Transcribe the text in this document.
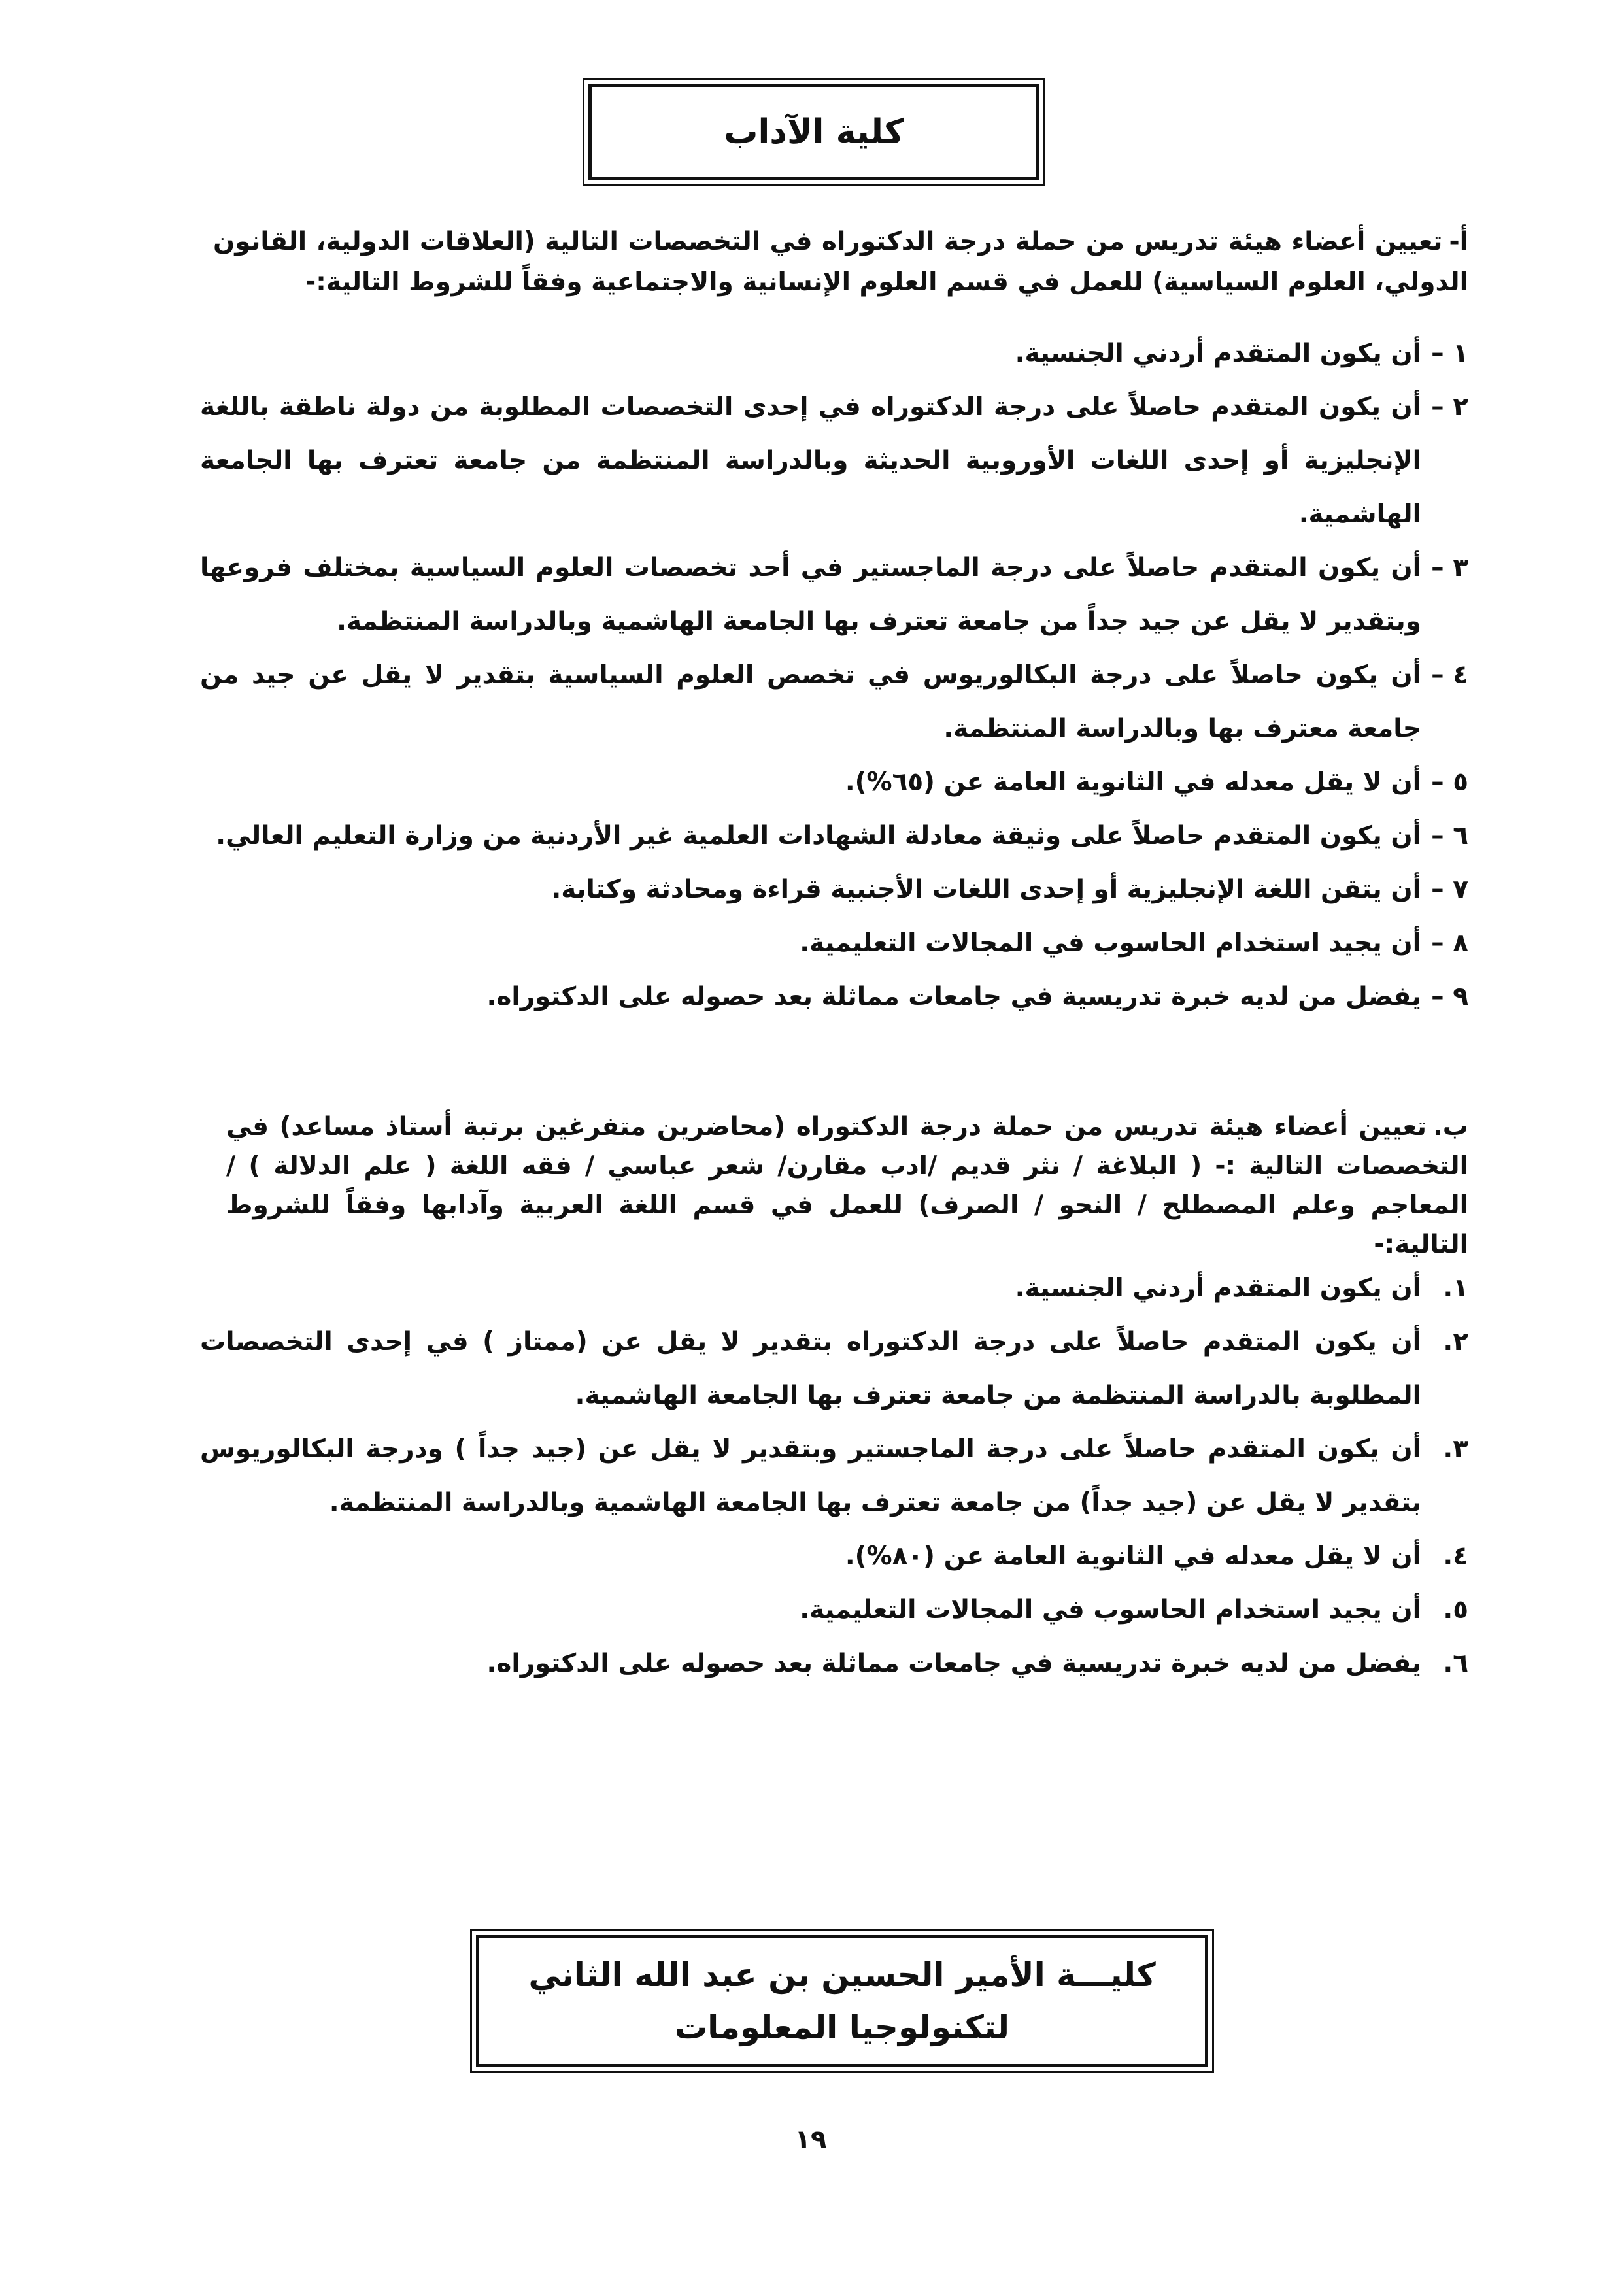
كلية الآداب

أ-تعيين أعضاء هيئة تدريس من حملة درجة الدكتوراه في التخصصات التالية (العلاقات الدولية، القانون الدولي، العلوم السياسية) للعمل في قسم العلوم الإنسانية والاجتماعية وفقاً للشروط التالية:-

١ –
أن يكون المتقدم أردني الجنسية.
٢ –
أن يكون المتقدم حاصلاً على درجة الدكتوراه في إحدى التخصصات المطلوبة من دولة ناطقة باللغة الإنجليزية أو إحدى اللغات الأوروبية الحديثة وبالدراسة المنتظمة من جامعة تعترف بها الجامعة الهاشمية.
٣ –
أن يكون المتقدم حاصلاً على درجة الماجستير في أحد تخصصات العلوم السياسية بمختلف فروعها وبتقدير لا يقل عن جيد جداً من جامعة تعترف بها الجامعة الهاشمية وبالدراسة المنتظمة.
٤ –
أن يكون حاصلاً على درجة البكالوريوس في تخصص العلوم السياسية بتقدير لا يقل عن جيد من جامعة معترف بها وبالدراسة المنتظمة.
٥ –
أن لا يقل معدله في الثانوية العامة عن (٦٥%).
٦ –
أن يكون المتقدم حاصلاً على وثيقة معادلة الشهادات العلمية غير الأردنية من وزارة التعليم العالي.
٧ –
أن يتقن اللغة الإنجليزية أو إحدى اللغات الأجنبية قراءة ومحادثة وكتابة.
٨ –
أن يجيد استخدام الحاسوب في المجالات التعليمية.
٩ –
يفضل من لديه خبرة تدريسية في جامعات مماثلة بعد حصوله على الدكتوراه.

ب.تعيين أعضاء هيئة تدريس من حملة درجة الدكتوراه (محاضرين متفرغين برتبة أستاذ مساعد) في التخصصات التالية :- ( البلاغة / نثر قديم /ادب مقارن/ شعر عباسي / فقه اللغة ( علم الدلالة ) / المعاجم وعلم المصطلح / النحو / الصرف) للعمل في قسم اللغة العربية وآدابها وفقاً للشروط التالية:-

١.
أن يكون المتقدم أردني الجنسية.
٢.
أن يكون المتقدم حاصلاً على درجة الدكتوراه بتقدير لا يقل عن (ممتاز ) في إحدى التخصصات المطلوبة بالدراسة المنتظمة من جامعة تعترف بها الجامعة الهاشمية.
٣.
أن يكون المتقدم حاصلاً على درجة الماجستير وبتقدير لا يقل عن (جيد جداً ) ودرجة البكالوريوس بتقدير لا يقل عن (جيد جداً) من جامعة تعترف بها الجامعة الهاشمية وبالدراسة المنتظمة.
٤.
أن لا يقل معدله في الثانوية العامة عن (٨٠%).
٥.
أن يجيد استخدام الحاسوب في المجالات التعليمية.
٦.
يفضل من لديه خبرة تدريسية في جامعات مماثلة بعد حصوله على الدكتوراه.
كليـــة الأمير الحسين بن عبد الله الثاني
لتكنولوجيا المعلومات
١٩
